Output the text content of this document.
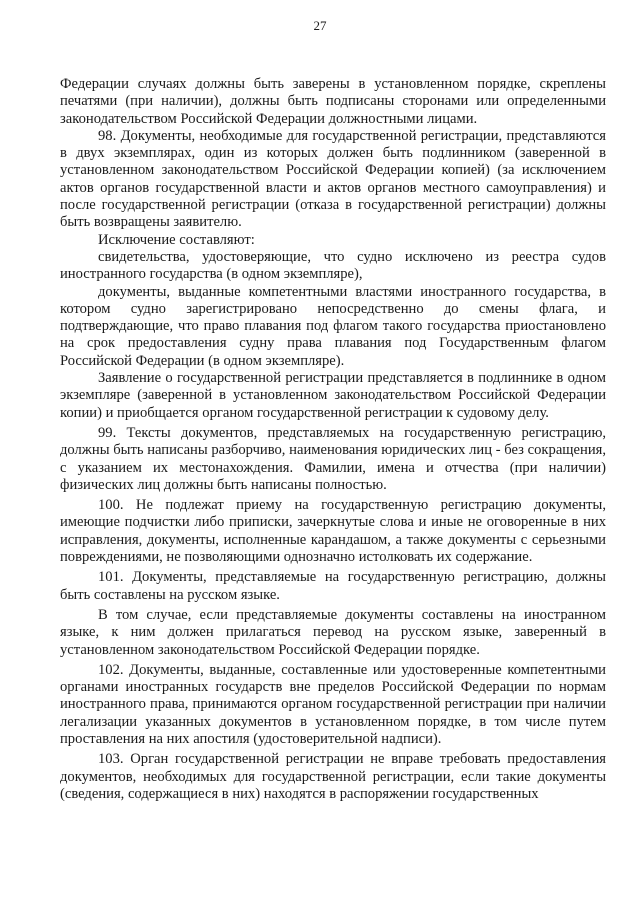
27

Федерации случаях должны быть заверены в установленном порядке, скреплены печатями (при наличии), должны быть подписаны сторонами или определенными законодательством Российской Федерации должностными лицами.

98. Документы, необходимые для государственной регистрации, представляются в двух экземплярах, один из которых должен быть подлинником (заверенной в установленном законодательством Российской Федерации копией) (за исключением актов органов государственной власти и актов органов местного самоуправления) и после государственной регистрации (отказа в государственной регистрации) должны быть возвращены заявителю.

Исключение составляют:

свидетельства, удостоверяющие, что судно исключено из реестра судов иностранного государства (в одном экземпляре),

документы, выданные компетентными властями иностранного государства, в котором судно зарегистрировано непосредственно до смены флага, и подтверждающие, что право плавания под флагом такого государства приостановлено на срок предоставления судну права плавания под Государственным флагом Российской Федерации (в одном экземпляре).

Заявление о государственной регистрации представляется в подлиннике в одном экземпляре (заверенной в установленном законодательством Российской Федерации копии) и приобщается органом государственной регистрации к судовому делу.

99. Тексты документов, представляемых на государственную регистрацию, должны быть написаны разборчиво, наименования юридических лиц - без сокращения, с указанием их местонахождения. Фамилии, имена и отчества (при наличии) физических лиц должны быть написаны полностью.

100. Не подлежат приему на государственную регистрацию документы, имеющие подчистки либо приписки, зачеркнутые слова и иные не оговоренные в них исправления, документы, исполненные карандашом, а также документы с серьезными повреждениями, не позволяющими однозначно истолковать их содержание.

101. Документы, представляемые на государственную регистрацию, должны быть составлены на русском языке.

В том случае, если представляемые документы составлены на иностранном языке, к ним должен прилагаться перевод на русском языке, заверенный в установленном законодательством Российской Федерации порядке.

102. Документы, выданные, составленные или удостоверенные компетентными органами иностранных государств вне пределов Российской Федерации по нормам иностранного права, принимаются органом государственной регистрации при наличии легализации указанных документов в установленном порядке, в том числе путем проставления на них апостиля (удостоверительной надписи).

103. Орган государственной регистрации не вправе требовать предоставления документов, необходимых для государственной регистрации, если такие документы (сведения, содержащиеся в них) находятся в распоряжении государственных
